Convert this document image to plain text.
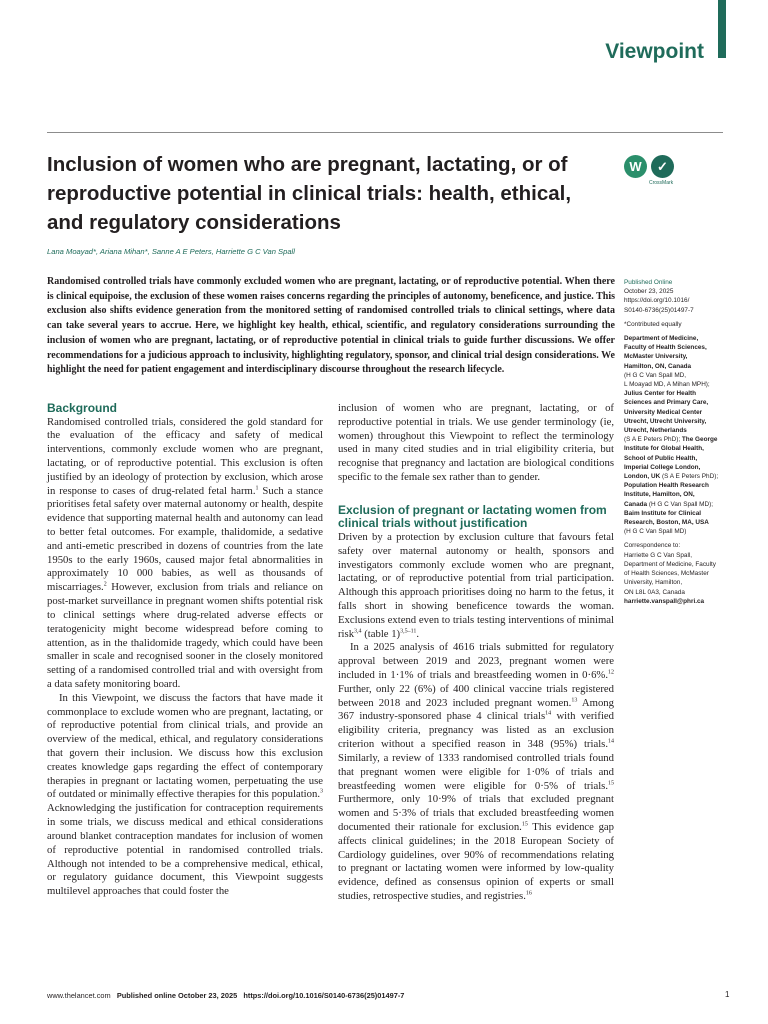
Viewpoint
Inclusion of women who are pregnant, lactating, or of reproductive potential in clinical trials: health, ethical, and regulatory considerations
W	✓
CrossMark
Lana Moayad*, Ariana Mihan*, Sanne A E Peters, Harriette G C Van Spall

Randomised controlled trials have commonly excluded women who are pregnant, lactating, or of reproductive potential. When there is clinical equipoise, the exclusion of these women raises concerns regarding the principles of autonomy, beneficence, and justice. This exclusion also shifts evidence generation from the monitored setting of randomised controlled trials to clinical settings, where data can take several years to accrue. Here, we highlight key health, ethical, scientific, and regulatory considerations surrounding the inclusion of women who are pregnant, lactating, or of reproductive potential in clinical trials to guide further discussions. We offer recommendations for a judicious approach to inclusivity, highlighting regulatory, sponsor, and clinical trial design considerations. We highlight the need for patient engagement and interdisciplinary discourse throughout the research lifecycle.

Background

Randomised controlled trials, considered the gold standard for the evaluation of the efficacy and safety of medical interventions, commonly exclude women who are pregnant, lactating, or of reproductive potential. This exclusion is often justified by an ideology of protection by exclusion, which arose in response to cases of drug-related fetal harm.$^1$ Such a stance prioritises fetal safety over maternal autonomy or health, despite evidence that supporting maternal health and autonomy can lead to better fetal outcomes. For example, thalidomide, a sedative and anti-emetic prescribed in dozens of countries from the late 1950s to the early 1960s, caused major fetal abnormalities in approximately 10 000 babies, as well as thousands of miscarriages.$^2$ However, exclusion from trials and reliance on post-market surveillance in pregnant women shifts potential risk to clinical settings where drug-related adverse effects or teratogenicity might become widespread before coming to attention, as in the thalidomide tragedy, which could have been smaller in scale and recognised sooner in the closely monitored setting of a randomised controlled trial and with oversight from a data safety monitoring board.

In this Viewpoint, we discuss the factors that have made it commonplace to exclude women who are pregnant, lactating, or of reproductive potential from clinical trials, and provide an overview of the medical, ethical, and regulatory considerations that govern their inclusion. We discuss how this exclusion creates knowledge gaps regarding the effect of contemporary therapies in pregnant or lactating women, perpetuating the use of outdated or minimally effective therapies for this population.$^3$ Acknowledging the justification for contraception requirements in some trials, we discuss medical and ethical considerations around blanket contraception mandates for inclusion of women of reproductive potential in randomised controlled trials. Although not intended to be a comprehensive medical, ethical, or regulatory guidance document, this Viewpoint suggests multilevel approaches that could foster the

inclusion of women who are pregnant, lactating, or of reproductive potential in trials. We use gender terminology (ie, women) throughout this Viewpoint to reflect the terminology used in many cited studies and in trial eligibility criteria, but recognise that pregnancy and lactation are biological conditions specific to the female sex rather than to gender.

Exclusion of pregnant or lactating women from clinical trials without justification

Driven by a protection by exclusion culture that favours fetal safety over maternal autonomy or health, sponsors and investigators commonly exclude women who are pregnant, lactating, or of reproductive potential from trial participation. Although this approach prioritises doing no harm to the fetus, it falls short in showing beneficence towards the woman. Exclusions extend even to trials testing interventions of minimal risk$^{3,4}$ (table 1)$^{3,5-11}$.

In a 2025 analysis of 4616 trials submitted for regulatory approval between 2019 and 2023, pregnant women were included in 1·1% of trials and breastfeeding women in 0·6%.$^{12}$ Further, only 22 (6%) of 400 clinical vaccine trials registered between 2018 and 2023 included pregnant women.$^{13}$ Among 367 industry-sponsored phase 4 clinical trials$^{14}$ with verified eligibility criteria, pregnancy was listed as an exclusion criterion without a specified reason in 348 (95%) trials.$^{14}$ Similarly, a review of 1333 randomised controlled trials found that pregnant women were eligible for 1·0% of trials and breastfeeding women were eligible for 0·5% of trials.$^{15}$ Furthermore, only 10·9% of trials that excluded pregnant women and 5·3% of trials that excluded breastfeeding women documented their rationale for exclusion.$^{15}$ This evidence gap affects clinical guidelines; in the 2018 European Society of Cardiology guidelines, over 90% of recommendations relating to pregnant or lactating women were informed by low-quality evidence, defined as consensus opinion of experts or small studies, retrospective studies, and registries.$^{16}$

Published Online
October 23, 2025
https://doi.org/10.1016/
S0140-6736(25)01497-7
*Contributed equally
Department of Medicine,
Faculty of Health Sciences,
McMaster University,
Hamilton, ON, Canada
(H G C Van Spall MD,
L Moayad MD, A Mihan MPH);
Julius Center for Health
Sciences and Primary Care,
University Medical Center
Utrecht, Utrecht University,
Utrecht, Netherlands
(S A E Peters PhD); The George
Institute for Global Health,
School of Public Health,
Imperial College London,
London, UK (S A E Peters PhD);
Population Health Research
Institute, Hamilton, ON,
Canada (H G C Van Spall MD);
Baim Institute for Clinical
Research, Boston, MA, USA
(H G C Van Spall MD)
Correspondence to:
Harriette G C Van Spall,
Department of Medicine, Faculty
of Health Sciences, McMaster
University, Hamilton,
ON L8L 0A3, Canada
harriette.vanspall@phri.ca
www.thelancet.com Published online October 23, 2025 https://doi.org/10.1016/S0140-6736(25)01497-7	1
